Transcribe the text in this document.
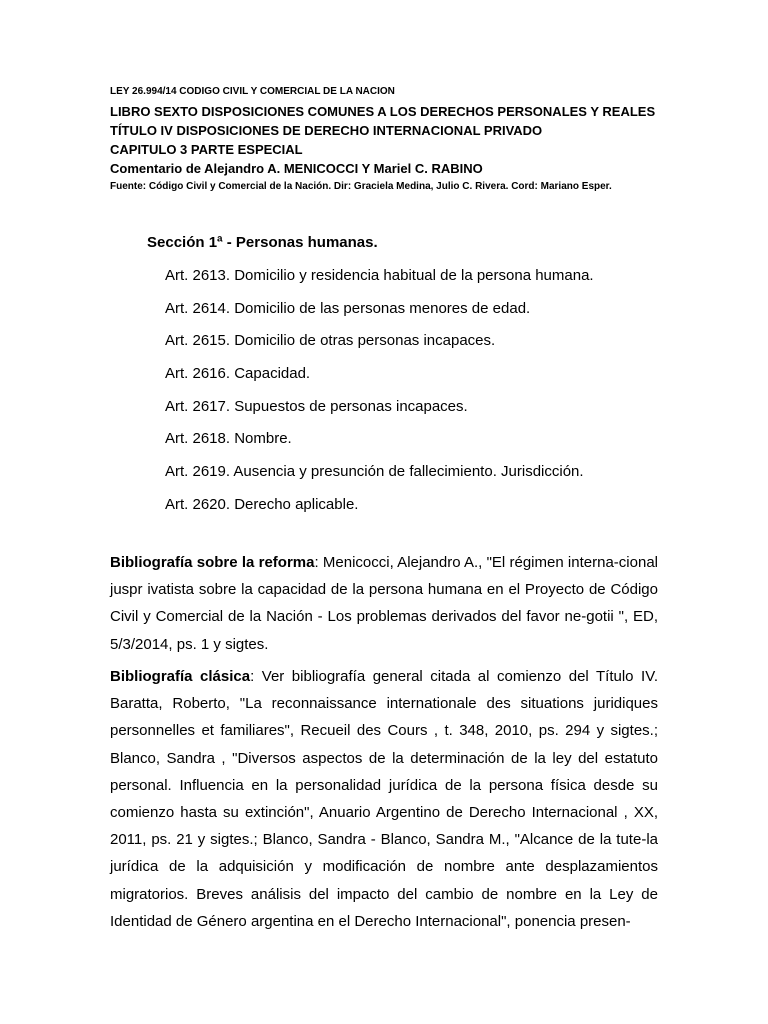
LEY 26.994/14 CODIGO CIVIL Y COMERCIAL DE LA NACION

LIBRO SEXTO DISPOSICIONES COMUNES A LOS DERECHOS PERSONALES Y REALES

TÍTULO IV DISPOSICIONES DE DERECHO INTERNACIONAL PRIVADO

CAPITULO 3 PARTE ESPECIAL

Comentario de Alejandro A. MENICOCCI Y Mariel C. RABINO

Fuente: Código Civil y Comercial de la Nación. Dir: Graciela Medina, Julio C. Rivera. Cord: Mariano Esper.

Sección 1ª - Personas humanas.

Art. 2613. Domicilio y residencia habitual de la persona humana.
Art. 2614. Domicilio de las personas menores de edad.
Art. 2615. Domicilio de otras personas incapaces.
Art. 2616. Capacidad.
Art. 2617. Supuestos de personas incapaces.
Art. 2618. Nombre.
Art. 2619. Ausencia y presunción de fallecimiento. Jurisdicción.
Art. 2620. Derecho aplicable.

Bibliografía sobre la reforma: Menicocci, Alejandro A., "El régimen interna-cional juspr ivatista sobre la capacidad de la persona humana en el Proyecto de Código Civil y Comercial de la Nación - Los problemas derivados del favor ne-gotii ", ED, 5/3/2014, ps. 1 y sigtes.

Bibliografía clásica: Ver bibliografía general citada al comienzo del Título IV. Baratta, Roberto, "La reconnaissance internationale des situations juridiques personnelles et familiares", Recueil des Cours , t. 348, 2010, ps. 294 y sigtes.; Blanco, Sandra , "Diversos aspectos de la determinación de la ley del estatuto personal. Influencia en la personalidad jurídica de la persona física desde su comienzo hasta su extinción", Anuario Argentino de Derecho Internacional , XX, 2011, ps. 21 y sigtes.; Blanco, Sandra - Blanco, Sandra M., "Alcance de la tute-la jurídica de la adquisición y modificación de nombre ante desplazamientos migratorios. Breves análisis del impacto del cambio de nombre en la Ley de Identidad de Género argentina en el Derecho Internacional", ponencia presen-
